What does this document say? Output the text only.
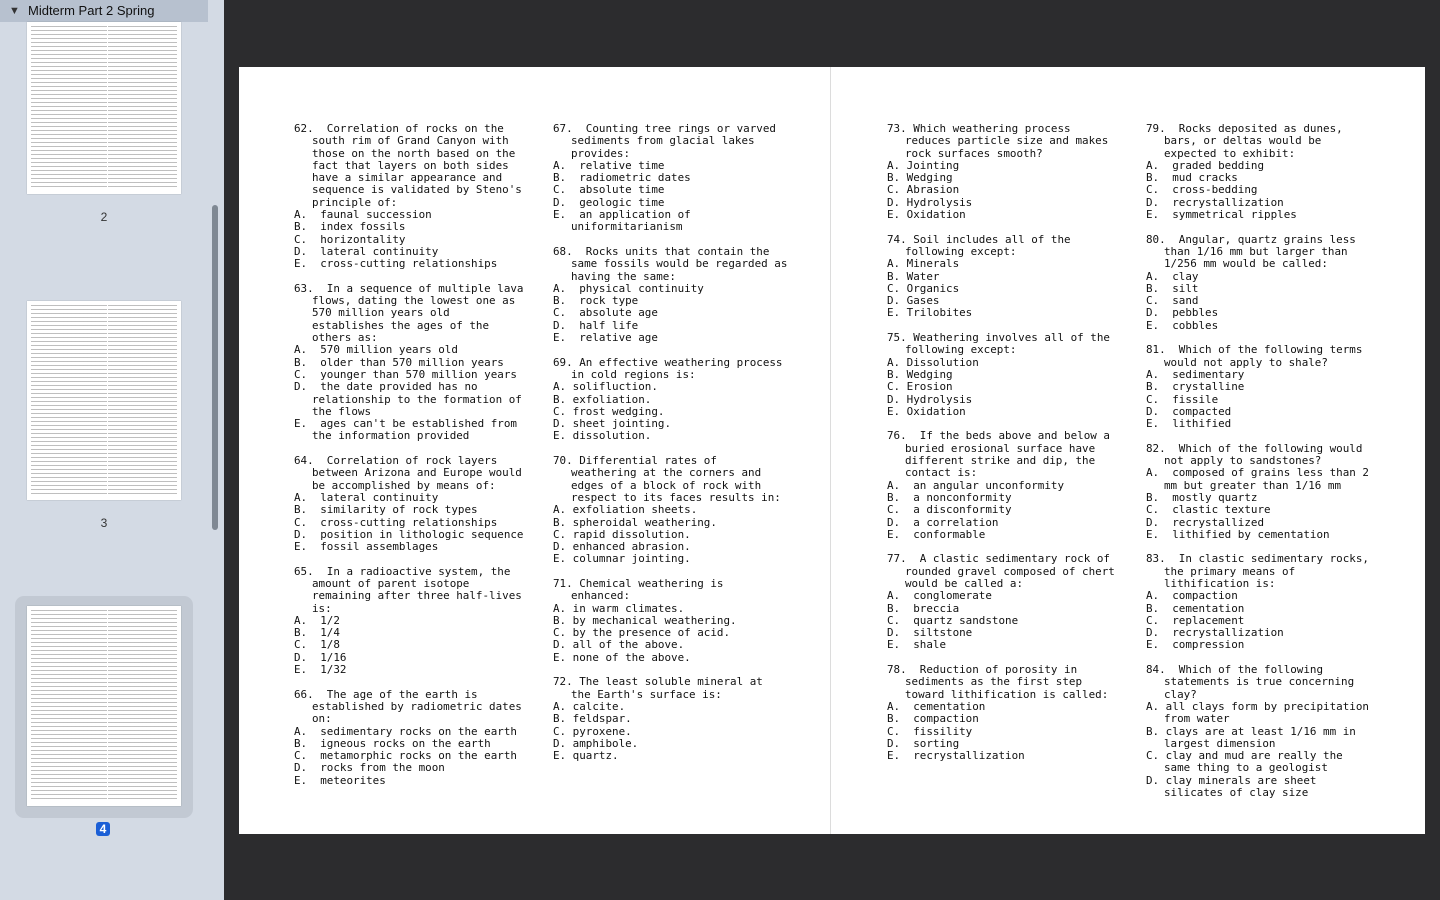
▼ Midterm Part 2 Spring
2
3
4
62.  Correlation of rocks on the south rim of Grand Canyon with those on the north based on the fact that layers on both sides have a similar appearance and sequence is validated by Steno's principle of:
A.  faunal succession
B.  index fossils
C.  horizontality
D.  lateral continuity
E.  cross-cutting relationships
63.  In a sequence of multiple lava flows, dating the lowest one as 570 million years old establishes the ages of the others as:
A.  570 million years old
B.  older than 570 million years
C.  younger than 570 million years
D.  the date provided has no relationship to the formation of the flows
E.  ages can't be established from the information provided
64.  Correlation of rock layers between Arizona and Europe would be accomplished by means of:
A.  lateral continuity
B.  similarity of rock types
C.  cross-cutting relationships
D.  position in lithologic sequence
E.  fossil assemblages
65.  In a radioactive system, the amount of parent isotope remaining after three half-lives is:
A.  1/2
B.  1/4
C.  1/8
D.  1/16
E.  1/32
66.  The age of the earth is established by radiometric dates on:
A.  sedimentary rocks on the earth
B.  igneous rocks on the earth
C.  metamorphic rocks on the earth
D.  rocks from the moon
E.  meteorites
67.  Counting tree rings or varved sediments from glacial lakes provides:
A.  relative time
B.  radiometric dates
C.  absolute time
D.  geologic time
E.  an application of uniformitarianism
68.  Rocks units that contain the same fossils would be regarded as having the same:
A.  physical continuity
B.  rock type
C.  absolute age
D.  half life
E.  relative age
69. An effective weathering process in cold regions is:
A. solifluction.
B. exfoliation.
C. frost wedging.
D. sheet jointing.
E. dissolution.
70. Differential rates of weathering at the corners and edges of a block of rock with respect to its faces results in:
A. exfoliation sheets.
B. spheroidal weathering.
C. rapid dissolution.
D. enhanced abrasion.
E. columnar jointing.
71. Chemical weathering is enhanced:
A. in warm climates.
B. by mechanical weathering.
C. by the presence of acid.
D. all of the above.
E. none of the above.
72. The least soluble mineral at the Earth's surface is:
A. calcite.
B. feldspar.
C. pyroxene.
D. amphibole.
E. quartz.
73. Which weathering process reduces particle size and makes rock surfaces smooth?
A. Jointing
B. Wedging
C. Abrasion
D. Hydrolysis
E. Oxidation
74. Soil includes all of the following except:
A. Minerals
B. Water
C. Organics
D. Gases
E. Trilobites
75. Weathering involves all of the following except:
A. Dissolution
B. Wedging
C. Erosion
D. Hydrolysis
E. Oxidation
76.  If the beds above and below a buried erosional surface have different strike and dip, the contact is:
A.  an angular unconformity
B.  a nonconformity
C.  a disconformity
D.  a correlation
E.  conformable
77.  A clastic sedimentary rock of rounded gravel composed of chert would be called a:
A.  conglomerate
B.  breccia
C.  quartz sandstone
D.  siltstone
E.  shale
78.  Reduction of porosity in sediments as the first step toward lithification is called:
A.  cementation
B.  compaction
C.  fissility
D.  sorting
E.  recrystallization
79.  Rocks deposited as dunes, bars, or deltas would be expected to exhibit:
A.  graded bedding
B.  mud cracks
C.  cross-bedding
D.  recrystallization
E.  symmetrical ripples
80.  Angular, quartz grains less than 1/16 mm but larger than 1/256 mm would be called:
A.  clay
B.  silt
C.  sand
D.  pebbles
E.  cobbles
81.  Which of the following terms would not apply to shale?
A.  sedimentary
B.  crystalline
C.  fissile
D.  compacted
E.  lithified
82.  Which of the following would not apply to sandstones?
A.  composed of grains less than 2 mm but greater than 1/16 mm
B.  mostly quartz
C.  clastic texture
D.  recrystallized
E.  lithified by cementation
83.  In clastic sedimentary rocks, the primary means of lithification is:
A.  compaction
B.  cementation
C.  replacement
D.  recrystallization
E.  compression
84.  Which of the following statements is true concerning clay?
A. all clays form by precipitation from water
B. clays are at least 1/16 mm in largest dimension
C. clay and mud are really the same thing to a geologist
D. clay minerals are sheet silicates of clay size
